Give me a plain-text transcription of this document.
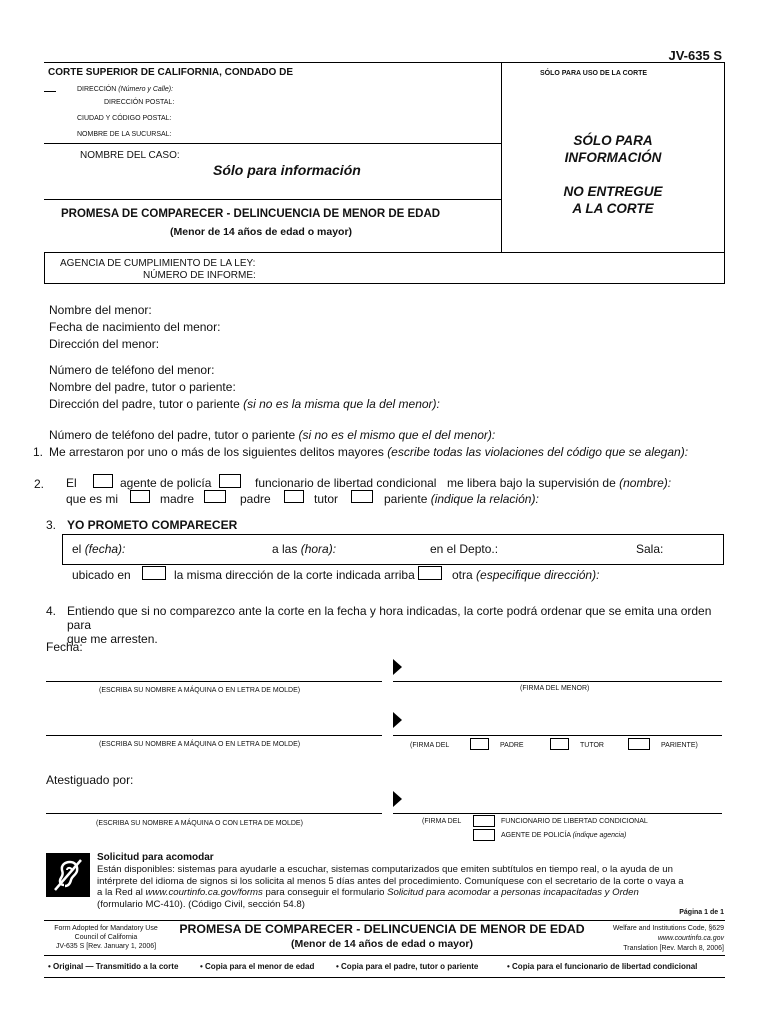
JV-635 S
CORTE SUPERIOR DE CALIFORNIA, CONDADO DE	SÓLO PARA USO DE LA CORTE
DIRECCIÓN (Número y Calle):
DIRECCIÓN POSTAL:
CIUDAD Y CÓDIGO POSTAL:
NOMBRE DE LA SUCURSAL:
NOMBRE DEL CASO:
Sólo para información
PROMESA DE COMPARECER - DELINCUENCIA DE MENOR DE EDAD
(Menor de 14 años de edad o mayor)
SÓLO PARA
INFORMACIÓN
NO ENTREGUE
A LA CORTE
AGENCIA DE CUMPLIMIENTO DE LA LEY:
NÚMERO DE INFORME:
Nombre del menor:
Fecha de nacimiento del menor:
Dirección del menor:
Número de teléfono del menor:
Nombre del padre, tutor o pariente:
Dirección del padre, tutor o pariente (si no es la misma que la del menor):
Número de teléfono del padre, tutor o pariente (si no es el mismo que el del menor):
1. Me arrestaron por uno o más de los siguientes delitos mayores (escribe todas las violaciones del código que se alegan):
2. El	agente de policía	funcionario de libertad condicional me libera bajo la supervisión de (nombre):
que es mi	madre	padre	tutor	pariente (indique la relación):
3. YO PROMETO COMPARECER
el (fecha):	a las (hora):	en el Depto.:	Sala:
ubicado en	la misma dirección de la corte indicada arriba	otra (especifique dirección):
4. Entiendo que si no comparezco ante la corte en la fecha y hora indicadas, la corte podrá ordenar que se emita una orden para
que me arresten.
Fecha:
(ESCRIBA SU NOMBRE A MÁQUINA O EN LETRA DE MOLDE)	(FIRMA DEL MENOR)
(ESCRIBA SU NOMBRE A MÁQUINA O EN LETRA DE MOLDE)	(FIRMA DEL	PADRE	TUTOR	PARIENTE)
Atestiguado por:
(ESCRIBA SU NOMBRE A MÁQUINA O CON LETRA DE MOLDE)	(FIRMA DEL	FUNCIONARIO DE LIBERTAD CONDICIONAL
AGENTE DE POLICÍA (indique agencia)
Solicitud para acomodar
Están disponibles: sistemas para ayudarle a escuchar, sistemas computarizados que emiten subtítulos en tiempo real, o la ayuda de un
intérprete del idioma de signos si los solicita al menos 5 días antes del procedimiento. Comuníquese con el secretario de la corte o vaya a
a la Red al www.courtinfo.ca.gov/forms para conseguir el formulario Solicitud para acomodar a personas incapacitadas y Orden
(formulario MC-410). (Código Civil, sección 54.8)
Página 1 de 1
Form Adopted for Mandatory Use
Council of California
JV-635 S [Rev. January 1, 2006]
PROMESA DE COMPARECER - DELINCUENCIA DE MENOR DE EDAD
(Menor de 14 años de edad o mayor)
Welfare and Institutions Code, §629
www.courtinfo.ca.gov
Translation [Rev. March 8, 2006]
• Original — Transmitido a la corte	• Copia para el menor de edad	• Copia para el padre, tutor o pariente	• Copia para el funcionario de libertad condicional
